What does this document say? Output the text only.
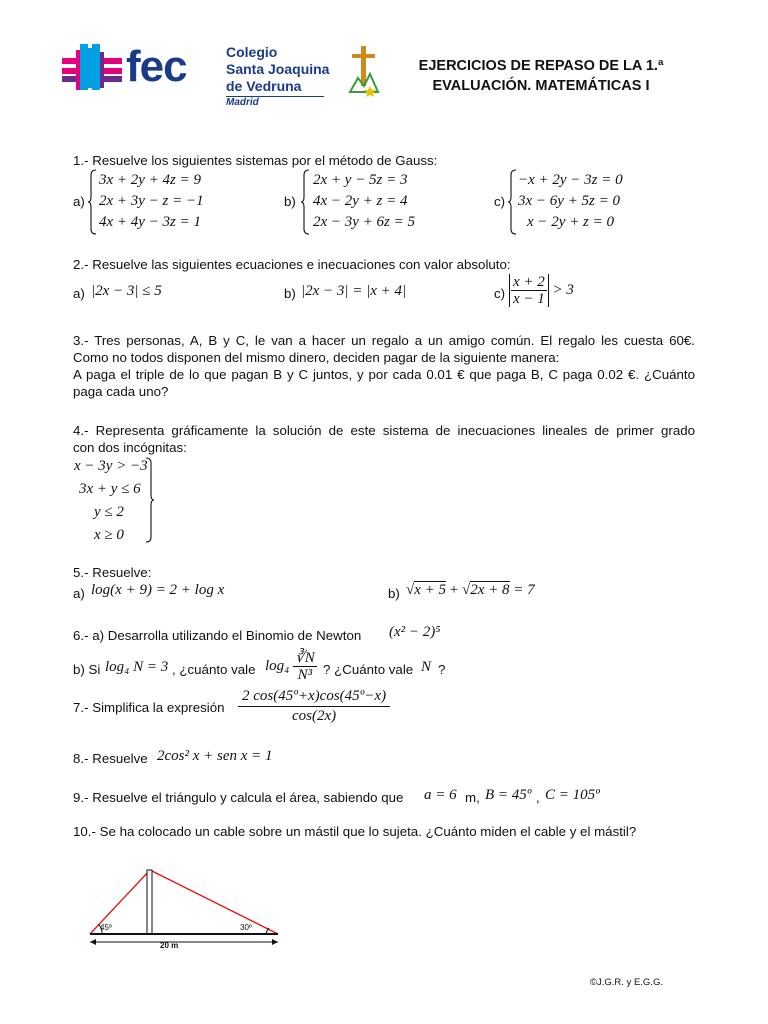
fec	Colegio
Santa Joaquina
de Vedruna
Madrid
EJERCICIOS DE REPASO DE LA 1.ª
EVALUACIÓN. MATEMÁTICAS I
1.- Resuelve los siguientes sistemas por el método de Gauss:
a)
3x + 2y + 4z = 9
2x + 3y − z = −1
4x + 4y − 3z = 1
b)
2x + y − 5z = 3
4x − 2y + z = 4
2x − 3y + 6z = 5
c)
−x + 2y − 3z = 0
3x − 6y + 5z = 0
x − 2y + z = 0
2.- Resuelve las siguientes ecuaciones e inecuaciones con valor absoluto:
a) |2x − 3| ≤ 5	b) |2x − 3| = |x + 4|	$c) \frac{x + 2}{x - 1} > 3$
3.- Tres personas, A, B y C, le van a hacer un regalo a un amigo común. El regalo les cuesta 60€.
Como no todos disponen del mismo dinero, deciden pagar de la siguiente manera:
A paga el triple de lo que pagan B y C juntos, y por cada 0.01 € que paga B, C paga 0.02 €. ¿Cuánto
paga cada uno?
4.- Representa gráficamente la solución de este sistema de inecuaciones lineales de primer grado
con dos incógnitas:
x − 3y > −3
3x + y ≤ 6
y ≤ 2
x ≥ 0
5.- Resuelve:
a) log(x + 9) = 2 + log x	b) √x + 5 + √2x + 8 = 7
6.- a) Desarrolla utilizando el Binomio de Newton (x² − 2)⁵
b) Si log₄ N = 3 , ¿cuánto vale $\log_4 \frac{∛N}{\text{N³}}$ ? ¿Cuánto vale N ?
7.- Simplifica la expresión $\frac{\text{2 cos(45º+x)cos(45º−x)}}{\cos(2x)}$
8.- Resuelve 2cos² x + sen x = 1
9.- Resuelve el triángulo y calcula el área, sabiendo que a = 6 m, B = 45º , C = 105º
10.- Se ha colocado un cable sobre un mástil que lo sujeta. ¿Cuánto miden el cable y el mástil?
45º	30º
20 m
©J.G.R. y E.G.G.
